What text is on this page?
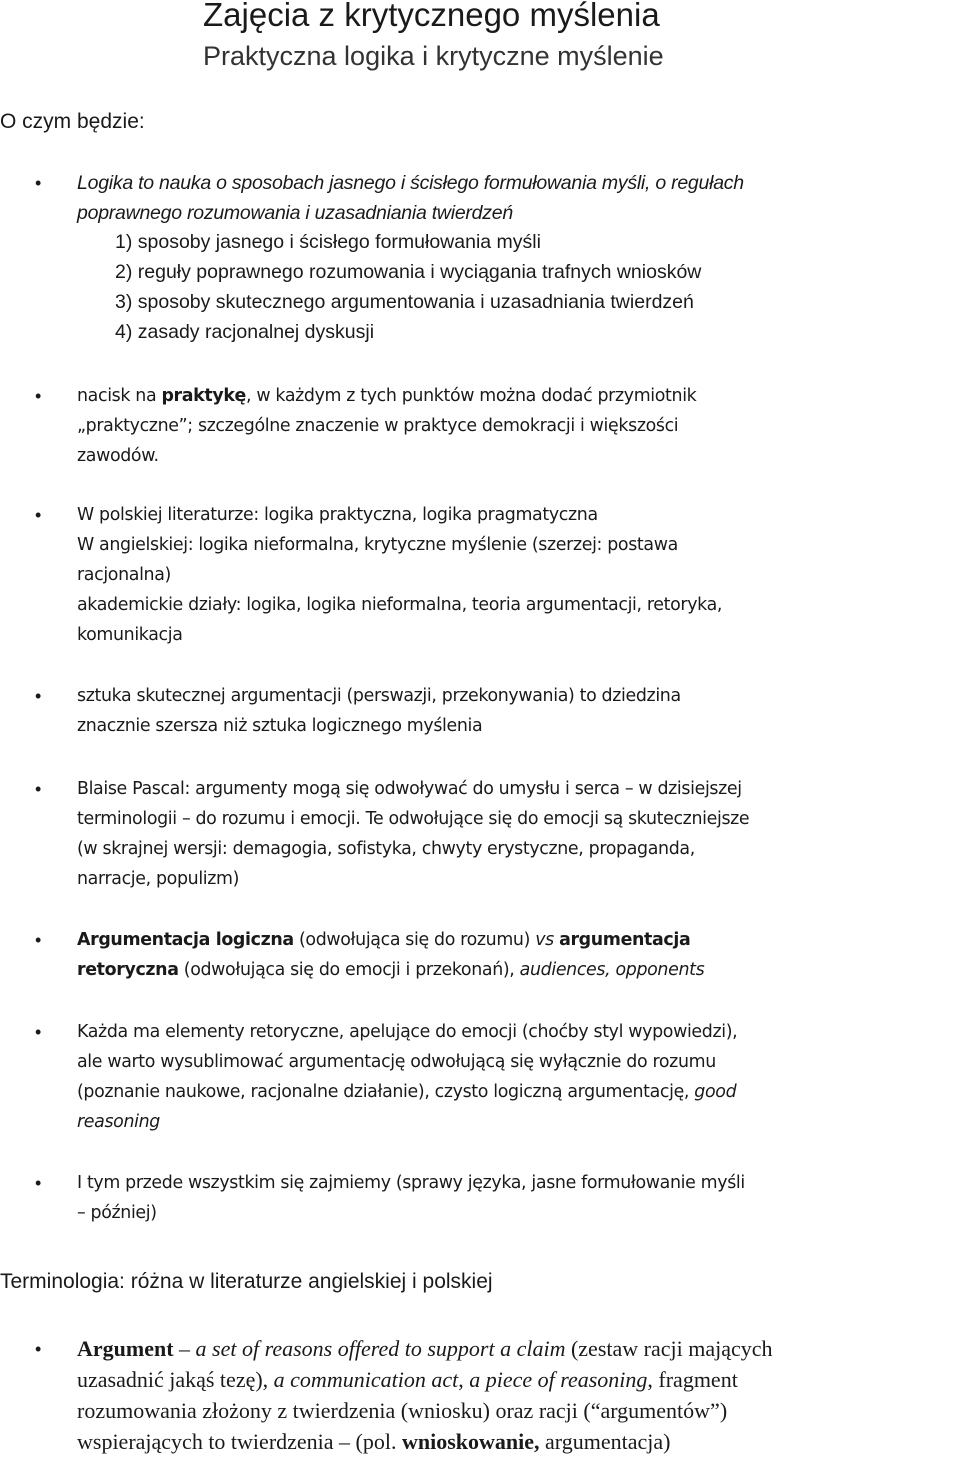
Zajęcia z krytycznego myślenia
Praktyczna logika i krytyczne myślenie
O czym będzie:
• Logika to nauka o sposobach jasnego i ścisłego formułowania myśli, o regułach
poprawnego rozumowania i uzasadniania twierdzeń
1) sposoby jasnego i ścisłego formułowania myśli
2) reguły poprawnego rozumowania i wyciągania trafnych wniosków
3) sposoby skutecznego argumentowania i uzasadniania twierdzeń
4) zasady racjonalnej dyskusji
• nacisk na praktykę, w każdym z tych punktów można dodać przymiotnik
„praktyczne”; szczególne znaczenie w praktyce demokracji i większości
zawodów.
• W polskiej literaturze: logika praktyczna, logika pragmatyczna
W angielskiej: logika nieformalna, krytyczne myślenie (szerzej: postawa
racjonalna)
akademickie działy: logika, logika nieformalna, teoria argumentacji, retoryka,
komunikacja
• sztuka skutecznej argumentacji (perswazji, przekonywania) to dziedzina
znacznie szersza niż sztuka logicznego myślenia
• Blaise Pascal: argumenty mogą się odwoływać do umysłu i serca – w dzisiejszej
terminologii – do rozumu i emocji. Te odwołujące się do emocji są skuteczniejsze
(w skrajnej wersji: demagogia, sofistyka, chwyty erystyczne, propaganda,
narracje, populizm)
• Argumentacja logiczna (odwołująca się do rozumu) vs argumentacja
retoryczna (odwołująca się do emocji i przekonań), audiences, opponents
• Każda ma elementy retoryczne, apelujące do emocji (choćby styl wypowiedzi),
ale warto wysublimować argumentację odwołującą się wyłącznie do rozumu
(poznanie naukowe, racjonalne działanie), czysto logiczną argumentację, good
reasoning
• I tym przede wszystkim się zajmiemy (sprawy języka, jasne formułowanie myśli
– później)
Terminologia: różna w literaturze angielskiej i polskiej
• Argument – a set of reasons offered to support a claim (zestaw racji mających
uzasadnić jakąś tezę), a communication act, a piece of reasoning, fragment
rozumowania złożony z twierdzenia (wniosku) oraz racji (“argumentów”)
wspierających to twierdzenia – (pol. wnioskowanie, argumentacja)
